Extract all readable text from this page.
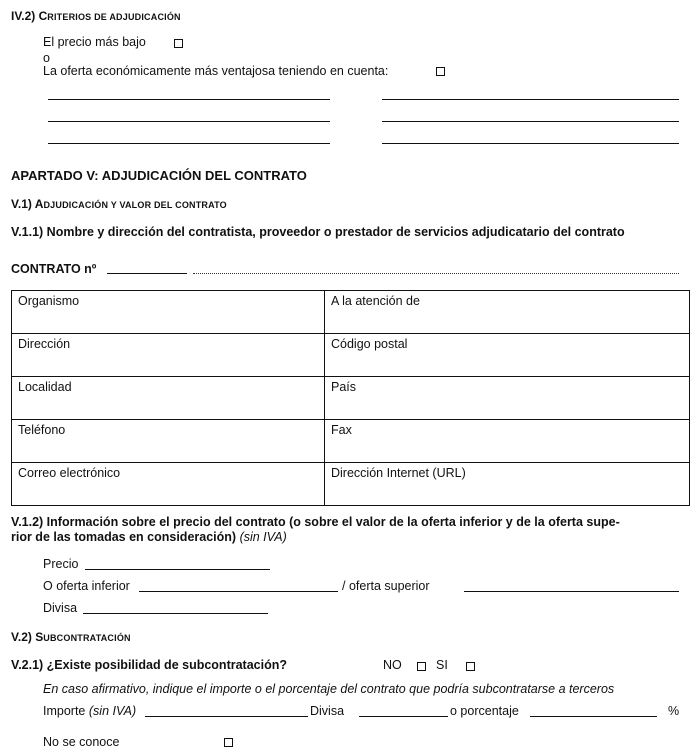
IV.2) CRITERIOS DE ADJUDICACIÓN
El precio más bajo
o
La oferta económicamente más ventajosa teniendo en cuenta:
APARTADO V: ADJUDICACIÓN DEL CONTRATO
V.1) ADJUDICACIÓN Y VALOR DEL CONTRATO
V.1.1) Nombre y dirección del contratista, proveedor o prestador de servicios adjudicatario del contrato
CONTRATO nº
Organismo	A la atención de
Dirección	Código postal
Localidad	País
Teléfono	Fax
Correo electrónico	Dirección Internet (URL)
V.1.2) Información sobre el precio del contrato (o sobre el valor de la oferta inferior y de la oferta supe-
rior de las tomadas en consideración) (sin IVA)
Precio
O oferta inferior	/ oferta superior
Divisa
V.2) SUBCONTRATACIÓN
V.2.1) ¿Existe posibilidad de subcontratación?	NO	SI
En caso afirmativo, indique el importe o el porcentaje del contrato que podría subcontratarse a terceros
Importe (sin IVA)	Divisa	o porcentaje	%
No se conoce
